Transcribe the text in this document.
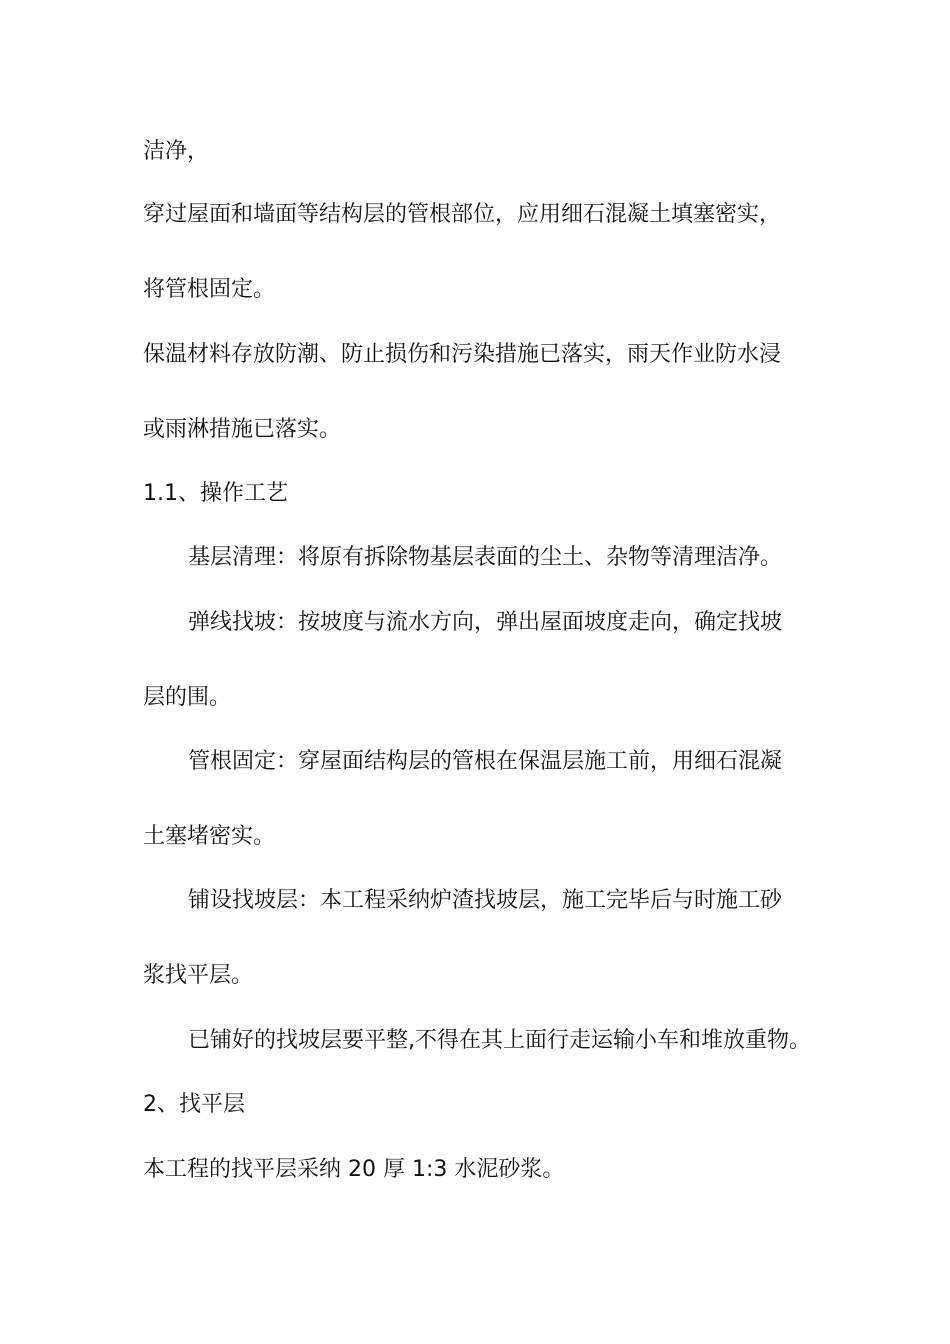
洁净，

穿过屋面和墙面等结构层的管根部位，应用细石混凝土填塞密实，

将管根固定。

保温材料存放防潮、防止损伤和污染措施已落实，雨天作业防水浸

或雨淋措施已落实。

1.1、操作工艺

基层清理：将原有拆除物基层表面的尘土、杂物等清理洁净。

弹线找坡：按坡度与流水方向，弹出屋面坡度走向，确定找坡

层的围。

管根固定：穿屋面结构层的管根在保温层施工前，用细石混凝

土塞堵密实。

铺设找坡层：本工程采纳炉渣找坡层，施工完毕后与时施工砂

浆找平层。

已铺好的找坡层要平整,不得在其上面行走运输小车和堆放重物。

2、找平层

本工程的找平层采纳 20 厚 1:3 水泥砂浆。
